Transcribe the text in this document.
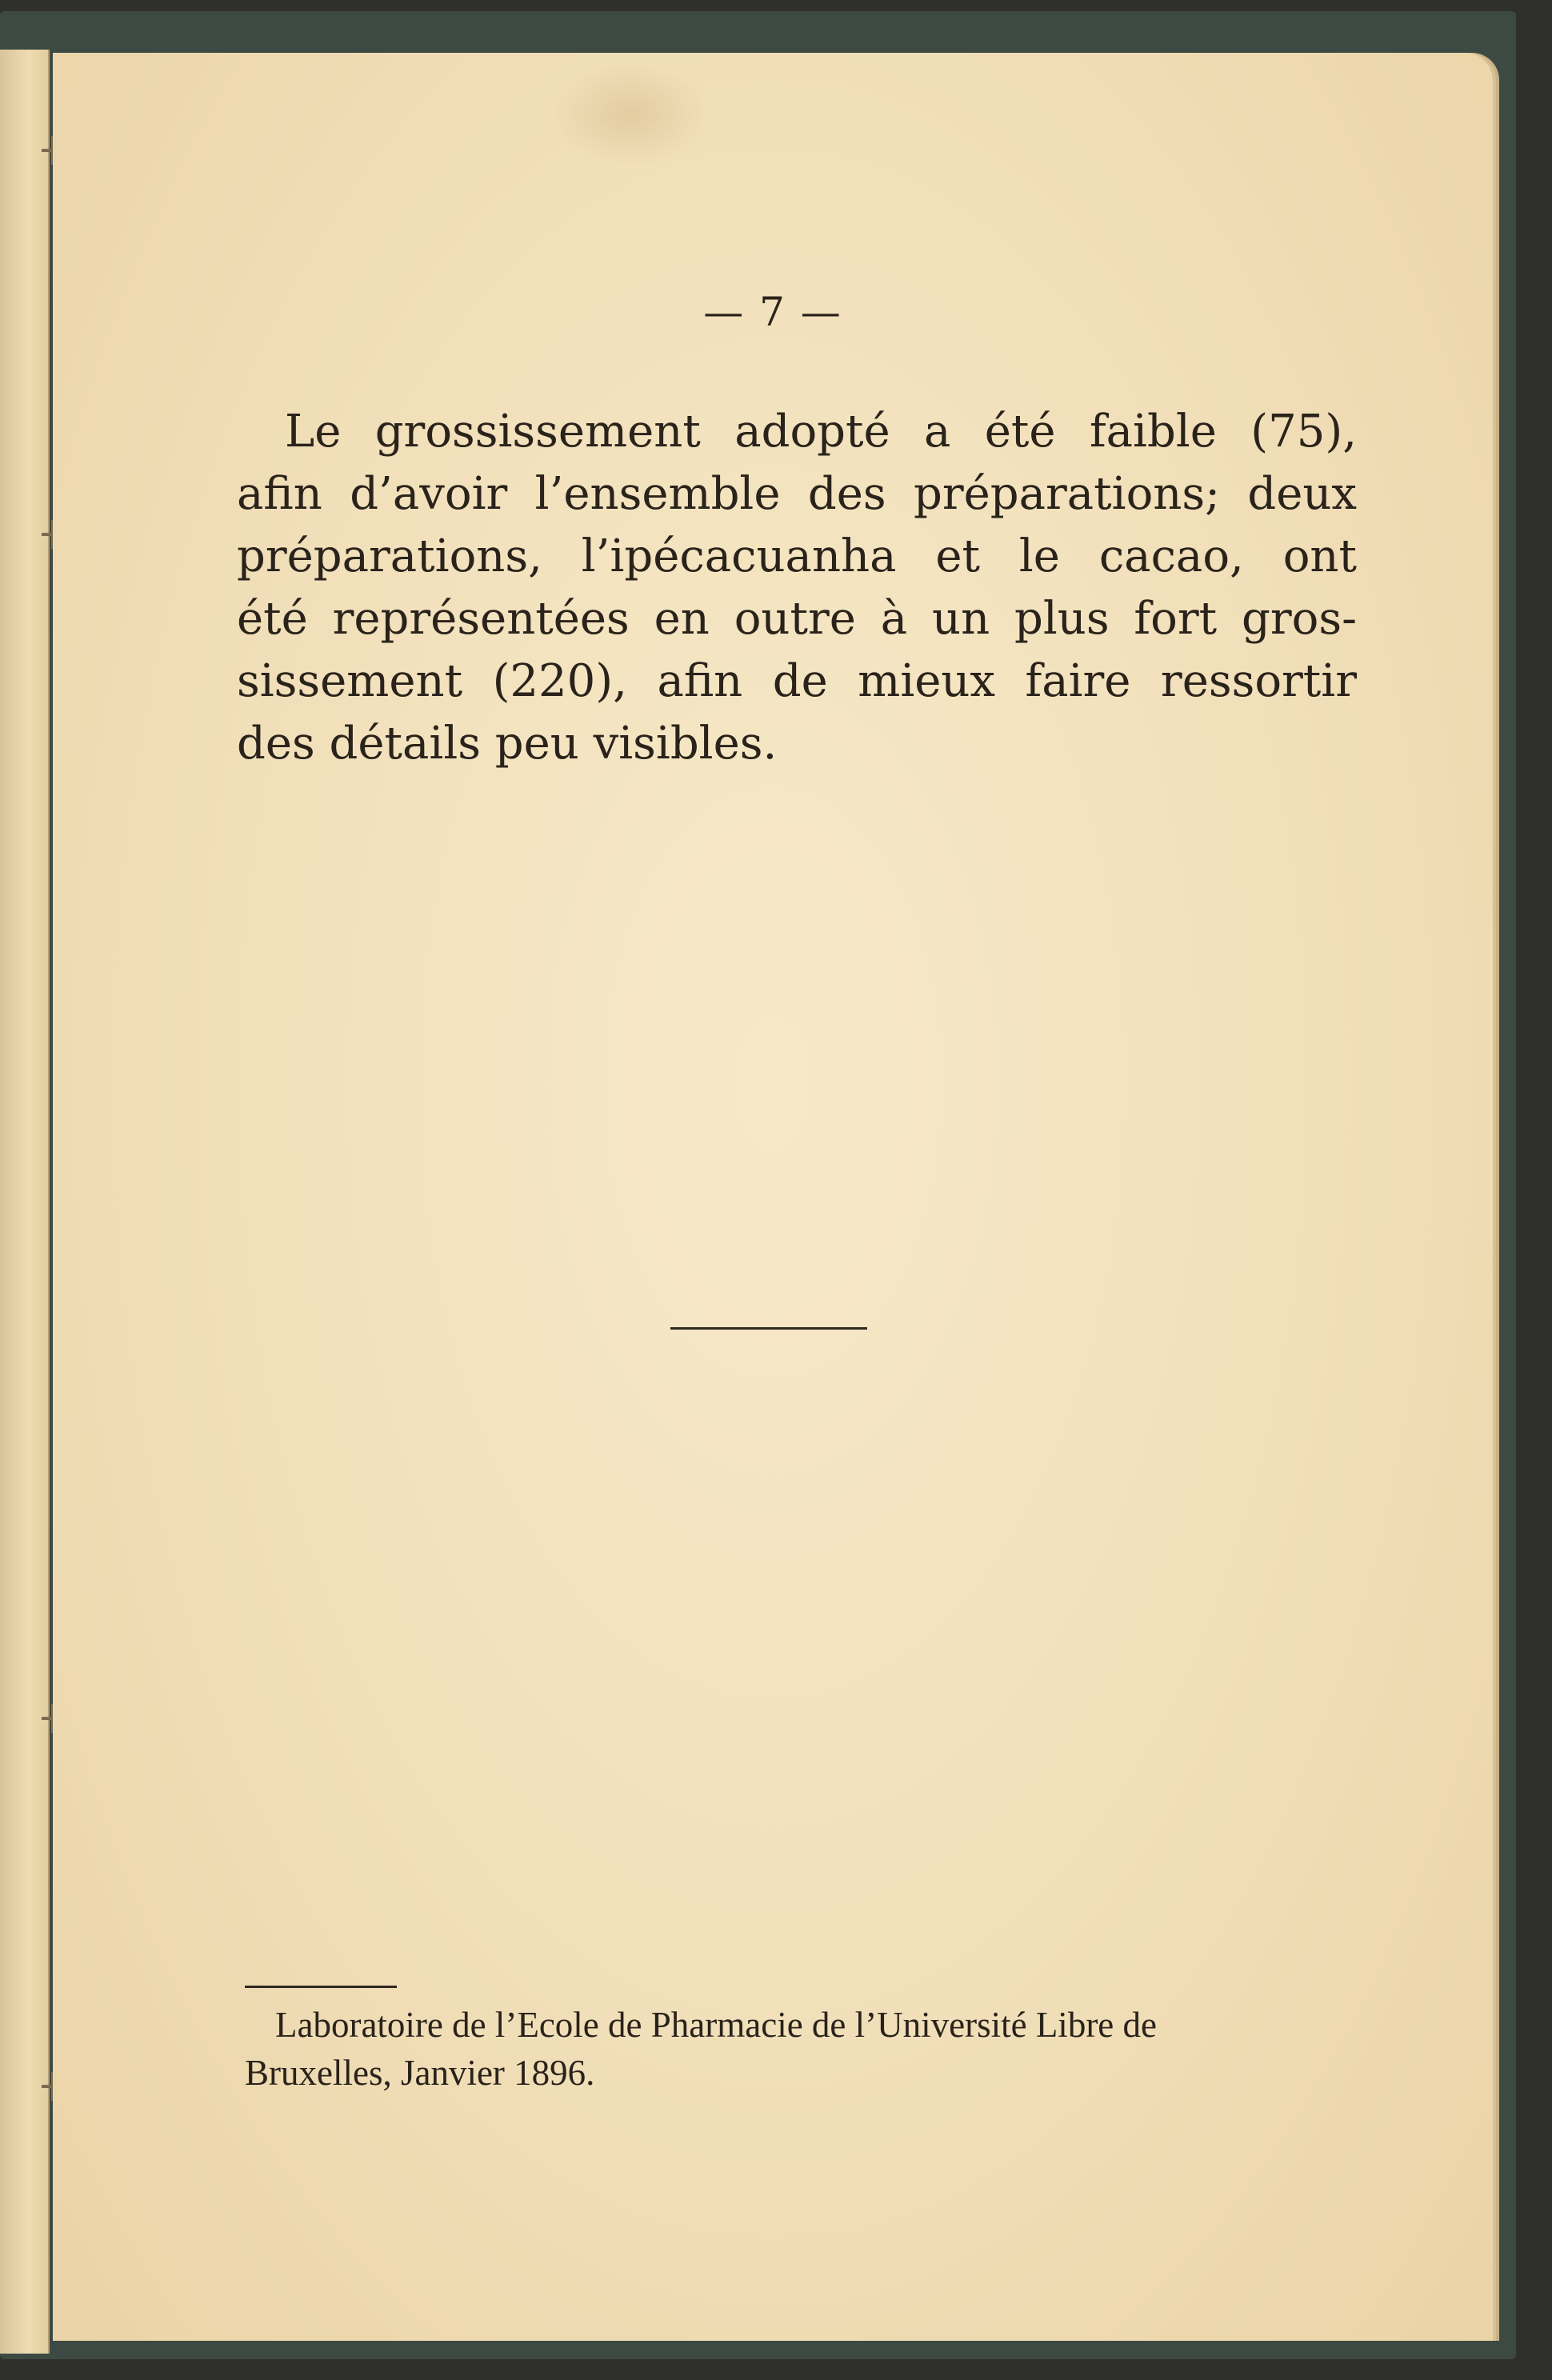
— 7 —

Le grossissement adopté a été faible (75),
afin d’avoir l’ensemble des préparations; deux
préparations, l’ipécacuanha et le cacao, ont
été représentées en outre à un plus fort gros-
sissement (220), afin de mieux faire ressortir
des détails peu visibles.

Laboratoire de l’Ecole de Pharmacie de l’Université Libre de
Bruxelles, Janvier 1896.
